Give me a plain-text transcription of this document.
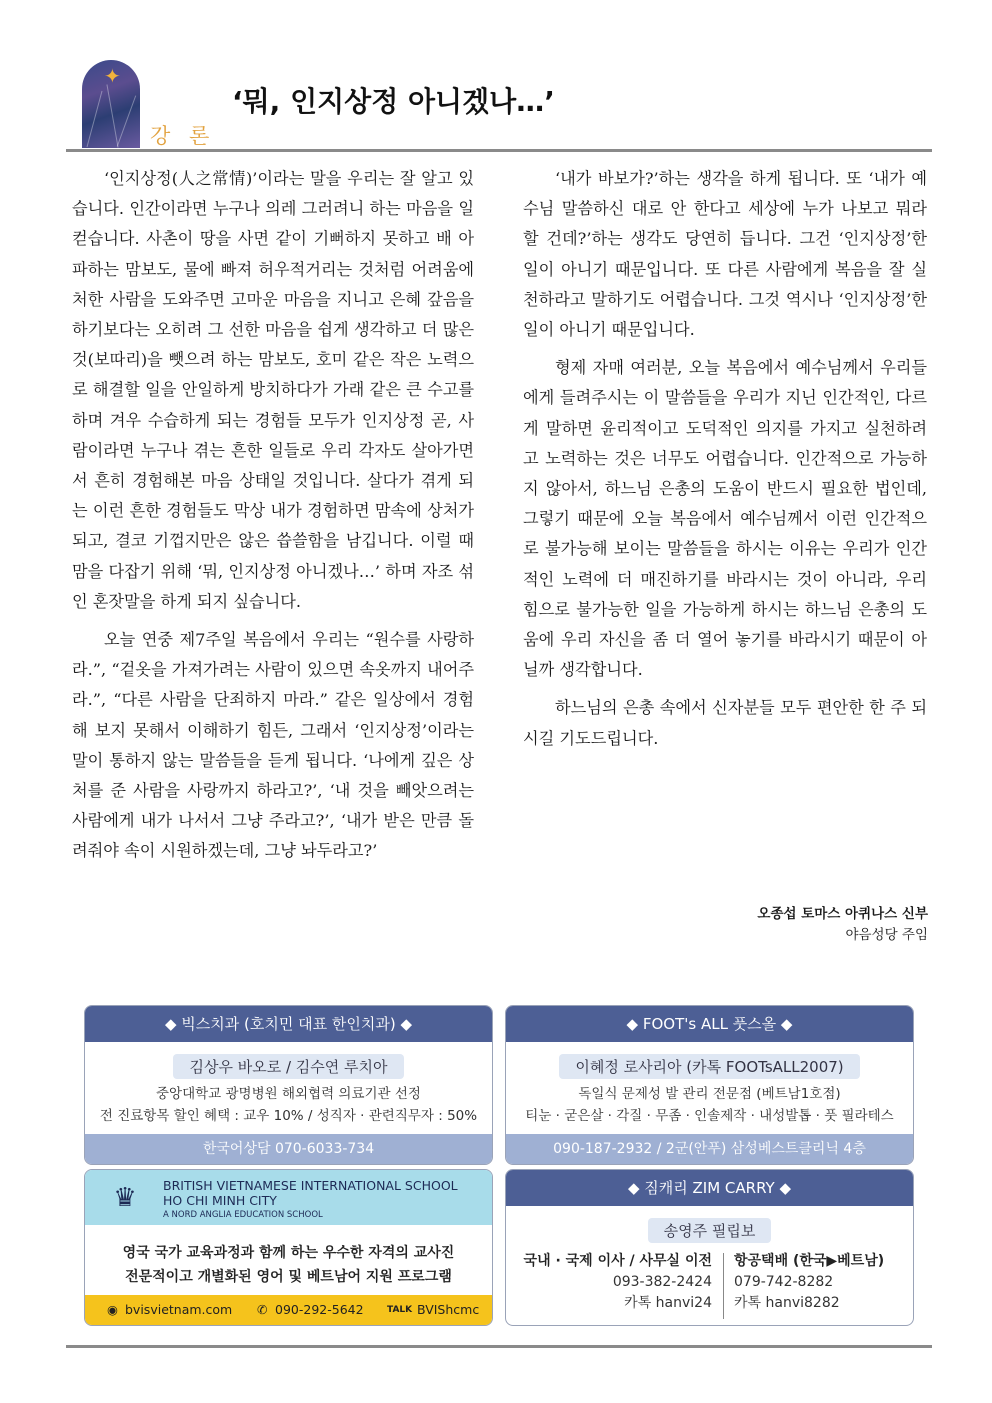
✦
강 론
‘뭐, 인지상정 아니겠나…’

‘인지상정(人之常情)’이라는 말을 우리는 잘 알고 있습니다. 인간이라면 누구나 의레 그러려니 하는 마음을 일컫습니다. 사촌이 땅을 사면 같이 기뻐하지 못하고 배 아파하는 맘보도, 물에 빠져 허우적거리는 것처럼 어려움에 처한 사람을 도와주면 고마운 마음을 지니고 은혜 갚음을 하기보다는 오히려 그 선한 마음을 쉽게 생각하고 더 많은 것(보따리)을 뺏으려 하는 맘보도, 호미 같은 작은 노력으로 해결할 일을 안일하게 방치하다가 가래 같은 큰 수고를 하며 겨우 수습하게 되는 경험들 모두가 인지상정 곧, 사람이라면 누구나 겪는 흔한 일들로 우리 각자도 살아가면서 흔히 경험해본 마음 상태일 것입니다. 살다가 겪게 되는 이런 흔한 경험들도 막상 내가 경험하면 맘속에 상처가 되고, 결코 기껍지만은 않은 씁쓸함을 남깁니다. 이럴 때 맘을 다잡기 위해 ‘뭐, 인지상정 아니겠나…’ 하며 자조 섞인 혼잣말을 하게 되지 싶습니다.

오늘 연중 제7주일 복음에서 우리는 “원수를 사랑하라.”, “겉옷을 가져가려는 사람이 있으면 속옷까지 내어주라.”, “다른 사람을 단죄하지 마라.” 같은 일상에서 경험해 보지 못해서 이해하기 힘든, 그래서 ‘인지상정’이라는 말이 통하지 않는 말씀들을 듣게 됩니다. ‘나에게 깊은 상처를 준 사람을 사랑까지 하라고?’, ‘내 것을 빼앗으려는 사람에게 내가 나서서 그냥 주라고?’, ‘내가 받은 만큼 돌려줘야 속이 시원하겠는데, 그냥 놔두라고?’

‘내가 바보가?’하는 생각을 하게 됩니다. 또 ‘내가 예수님 말씀하신 대로 안 한다고 세상에 누가 나보고 뭐라 할 건데?’하는 생각도 당연히 듭니다. 그건 ‘인지상정’한 일이 아니기 때문입니다. 또 다른 사람에게 복음을 잘 실천하라고 말하기도 어렵습니다. 그것 역시나 ‘인지상정’한 일이 아니기 때문입니다.

형제 자매 여러분, 오늘 복음에서 예수님께서 우리들에게 들려주시는 이 말씀들을 우리가 지닌 인간적인, 다르게 말하면 윤리적이고 도덕적인 의지를 가지고 실천하려고 노력하는 것은 너무도 어렵습니다. 인간적으로 가능하지 않아서, 하느님 은총의 도움이 반드시 필요한 법인데, 그렇기 때문에 오늘 복음에서 예수님께서 이런 인간적으로 불가능해 보이는 말씀들을 하시는 이유는 우리가 인간적인 노력에 더 매진하기를 바라시는 것이 아니라, 우리 힘으로 불가능한 일을 가능하게 하시는 하느님 은총의 도움에 우리 자신을 좀 더 열어 놓기를 바라시기 때문이 아닐까 생각합니다.

하느님의 은총 속에서 신자분들 모두 편안한 한 주 되시길 기도드립니다.

오종섭 토마스 아퀴나스 신부
야음성당 주임
◆ 빅스치과 (호치민 대표 한인치과) ◆
김상우 바오로 / 김수연 루치아
중앙대학교 광명병원 해외협력 의료기관 선정
전 진료항목 할인 혜택 : 교우 10% / 성직자 · 관련직무자 : 50%
한국어상담 070-6033-734
◆ FOOT's ALL 풋스올 ◆
이혜정 로사리아 (카톡 FOOTsALL2007)
독일식 문제성 발 관리 전문점 (베트남1호점)
티눈 · 굳은살 · 각질 · 무좀 · 인솔제작 · 내성발톱 · 풋 필라테스
090-187-2932 / 2군(안푸) 삼성베스트클리닉 4층
♛	BRITISH VIETNAMESE INTERNATIONAL SCHOOL
HO CHI MINH CITY
A NORD ANGLIA EDUCATION SCHOOL
영국 국가 교육과정과 함께 하는 우수한 자격의 교사진
전문적이고 개별화된 영어 및 베트남어 지원 프로그램
◉ bvisvietnam.com ✆ 090-292-5642	TALK BVIShcmc
◆ 짐캐리 ZIM CARRY ◆
송영주 필립보
국내 · 국제 이사 / 사무실 이전
093-382-2424
카톡 hanvi24
항공택배 (한국▶베트남)
079-742-8282
카톡 hanvi8282
